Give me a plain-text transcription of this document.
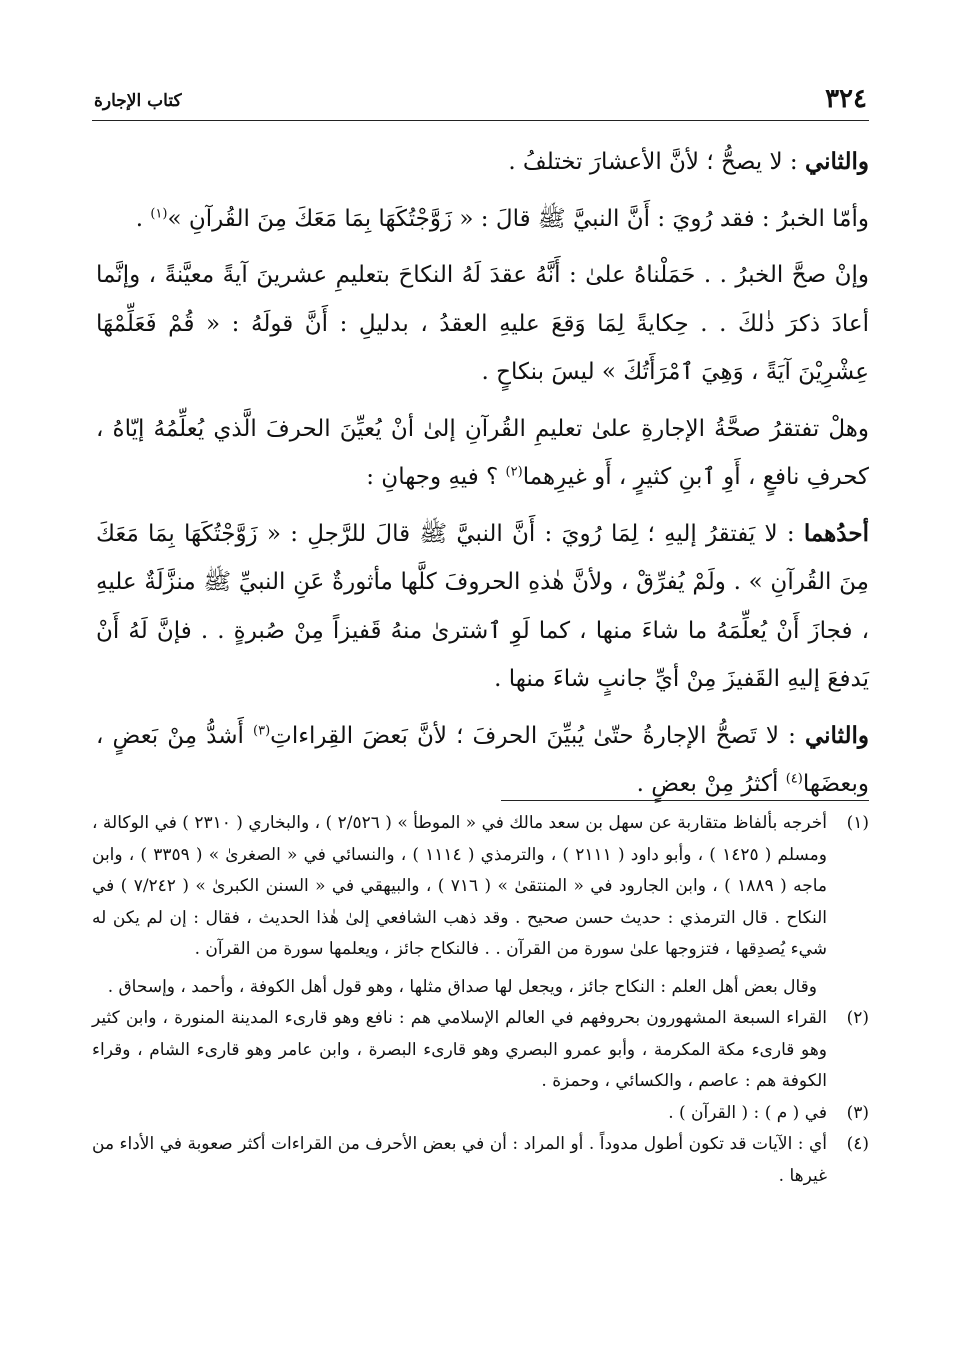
٣٢٤
كتاب الإجارة

والثاني : لا يصحُّ ؛ لأنَّ الأعشارَ تختلفُ .

وأمّا الخبرُ : فقد رُويَ : أَنَّ النبيَّ ﷺ قالَ : « زَوَّجْتُكَهَا بِمَا مَعَكَ مِنَ القُرآنِ »$^{(١)}$ .

وإنْ صحَّ الخبرُ . . حَمَلْناهُ علىٰ : أَنَّهُ عقدَ لَهُ النكاحَ بتعليمِ عشرينَ آيةً معيَّنةً ، وإنَّما أعادَ ذكرَ ذٰلكَ . . حِكايةً لِمَا وَقعَ عليهِ العقدُ ، بدليلِ : أَنَّ قولَهُ : « قُمْ فَعَلِّمْهَا عِشْرِيْنَ آيَةً ، وَهِيَ ٱمْرَأَتُكَ » ليسَ بنكاحٍ .

وهلْ تفتقرُ صحَّةُ الإجارةِ علىٰ تعليمِ القُرآنِ إلىٰ أنْ يُعيِّنَ الحرفَ الَّذي يُعلِّمُهُ إيّاهُ ، كحرفِ نافعٍ ، أَوِ ٱبنِ كثيرٍ ، أَو غيرِهما$^{(٢)}$ ؟ فيهِ وجهانِ :

أحدُهما : لا يَفتقرُ إليهِ ؛ لِمَا رُويَ : أَنَّ النبيَّ ﷺ قالَ للرَّجلِ : « زَوَّجْتُكَهَا بِمَا مَعَكَ مِنَ القُرآنِ » . ولَمْ يُفرِّقْ ، ولأنَّ هٰذهِ الحروفَ كلَّها مأثورةٌ عَنِ النبيِّ ﷺ منزَّلَةٌ عليهِ ، فجازَ أَنْ يُعلِّمَهُ ما شاءَ منها ، كما لَوِ ٱشترىٰ منهُ قَفيزاً مِنْ صُبرةٍ . . فإنَّ لَهُ أَنْ يَدفعَ إليهِ القَفيزَ مِنْ أيِّ جانبٍ شاءَ منها .

والثاني : لا تَصحُّ الإجارةُ حتّىٰ يُبيِّنَ الحرفَ ؛ لأنَّ بَعضَ القِراءاتِ$^{(٣)}$ أَشدُّ مِنْ بَعضٍ ، وبعضَها$^{(٤)}$ أكثرُ مِنْ بعضٍ .

(١)

أخرجه بألفاظ متقاربة عن سهل بن سعد مالك في « الموطأ » ( ٢/٥٢٦ ) ، والبخاري ( ٢٣١٠ ) في الوكالة ، ومسلم ( ١٤٢٥ ) ، وأبو داود ( ٢١١١ ) ، والترمذي ( ١١١٤ ) ، والنسائي في « الصغرىٰ » ( ٣٣٥٩ ) ، وابن ماجه ( ١٨٨٩ ) ، وابن الجارود في « المنتقىٰ » ( ٧١٦ ) ، والبيهقي في « السنن الكبرىٰ » ( ٧/٢٤٢ ) في النكاح . قال الترمذي : حديث حسن صحيح . وقد ذهب الشافعي إلىٰ هٰذا الحديث ، فقال : إن لم يكن له شيء يُصدِقها ، فتزوجها علىٰ سورة من القرآن . . فالنكاح جائز ، ويعلمها سورة من القرآن .

وقال بعض أهل العلم : النكاح جائز ، ويجعل لها صداق مثلها ، وهو قول أهل الكوفة ، وأحمد ، وإسحاق .

(٢)

القراء السبعة المشهورون بحروفهم في العالم الإسلامي هم : نافع وهو قارىء المدينة المنورة ، وابن كثير وهو قارىء مكة المكرمة ، وأبو عمرو البصري وهو قارىء البصرة ، وابن عامر وهو قارىء الشام ، وقراء الكوفة هم : عاصم ، والكسائي ، وحمزة .

(٣)

في ( م ) : ( القرآن ) .

(٤)

أي : الآيات قد تكون أطول مدوداً . أو المراد : أن في بعض الأحرف من القراءات أكثر صعوبة في الأداء من غيرها .
